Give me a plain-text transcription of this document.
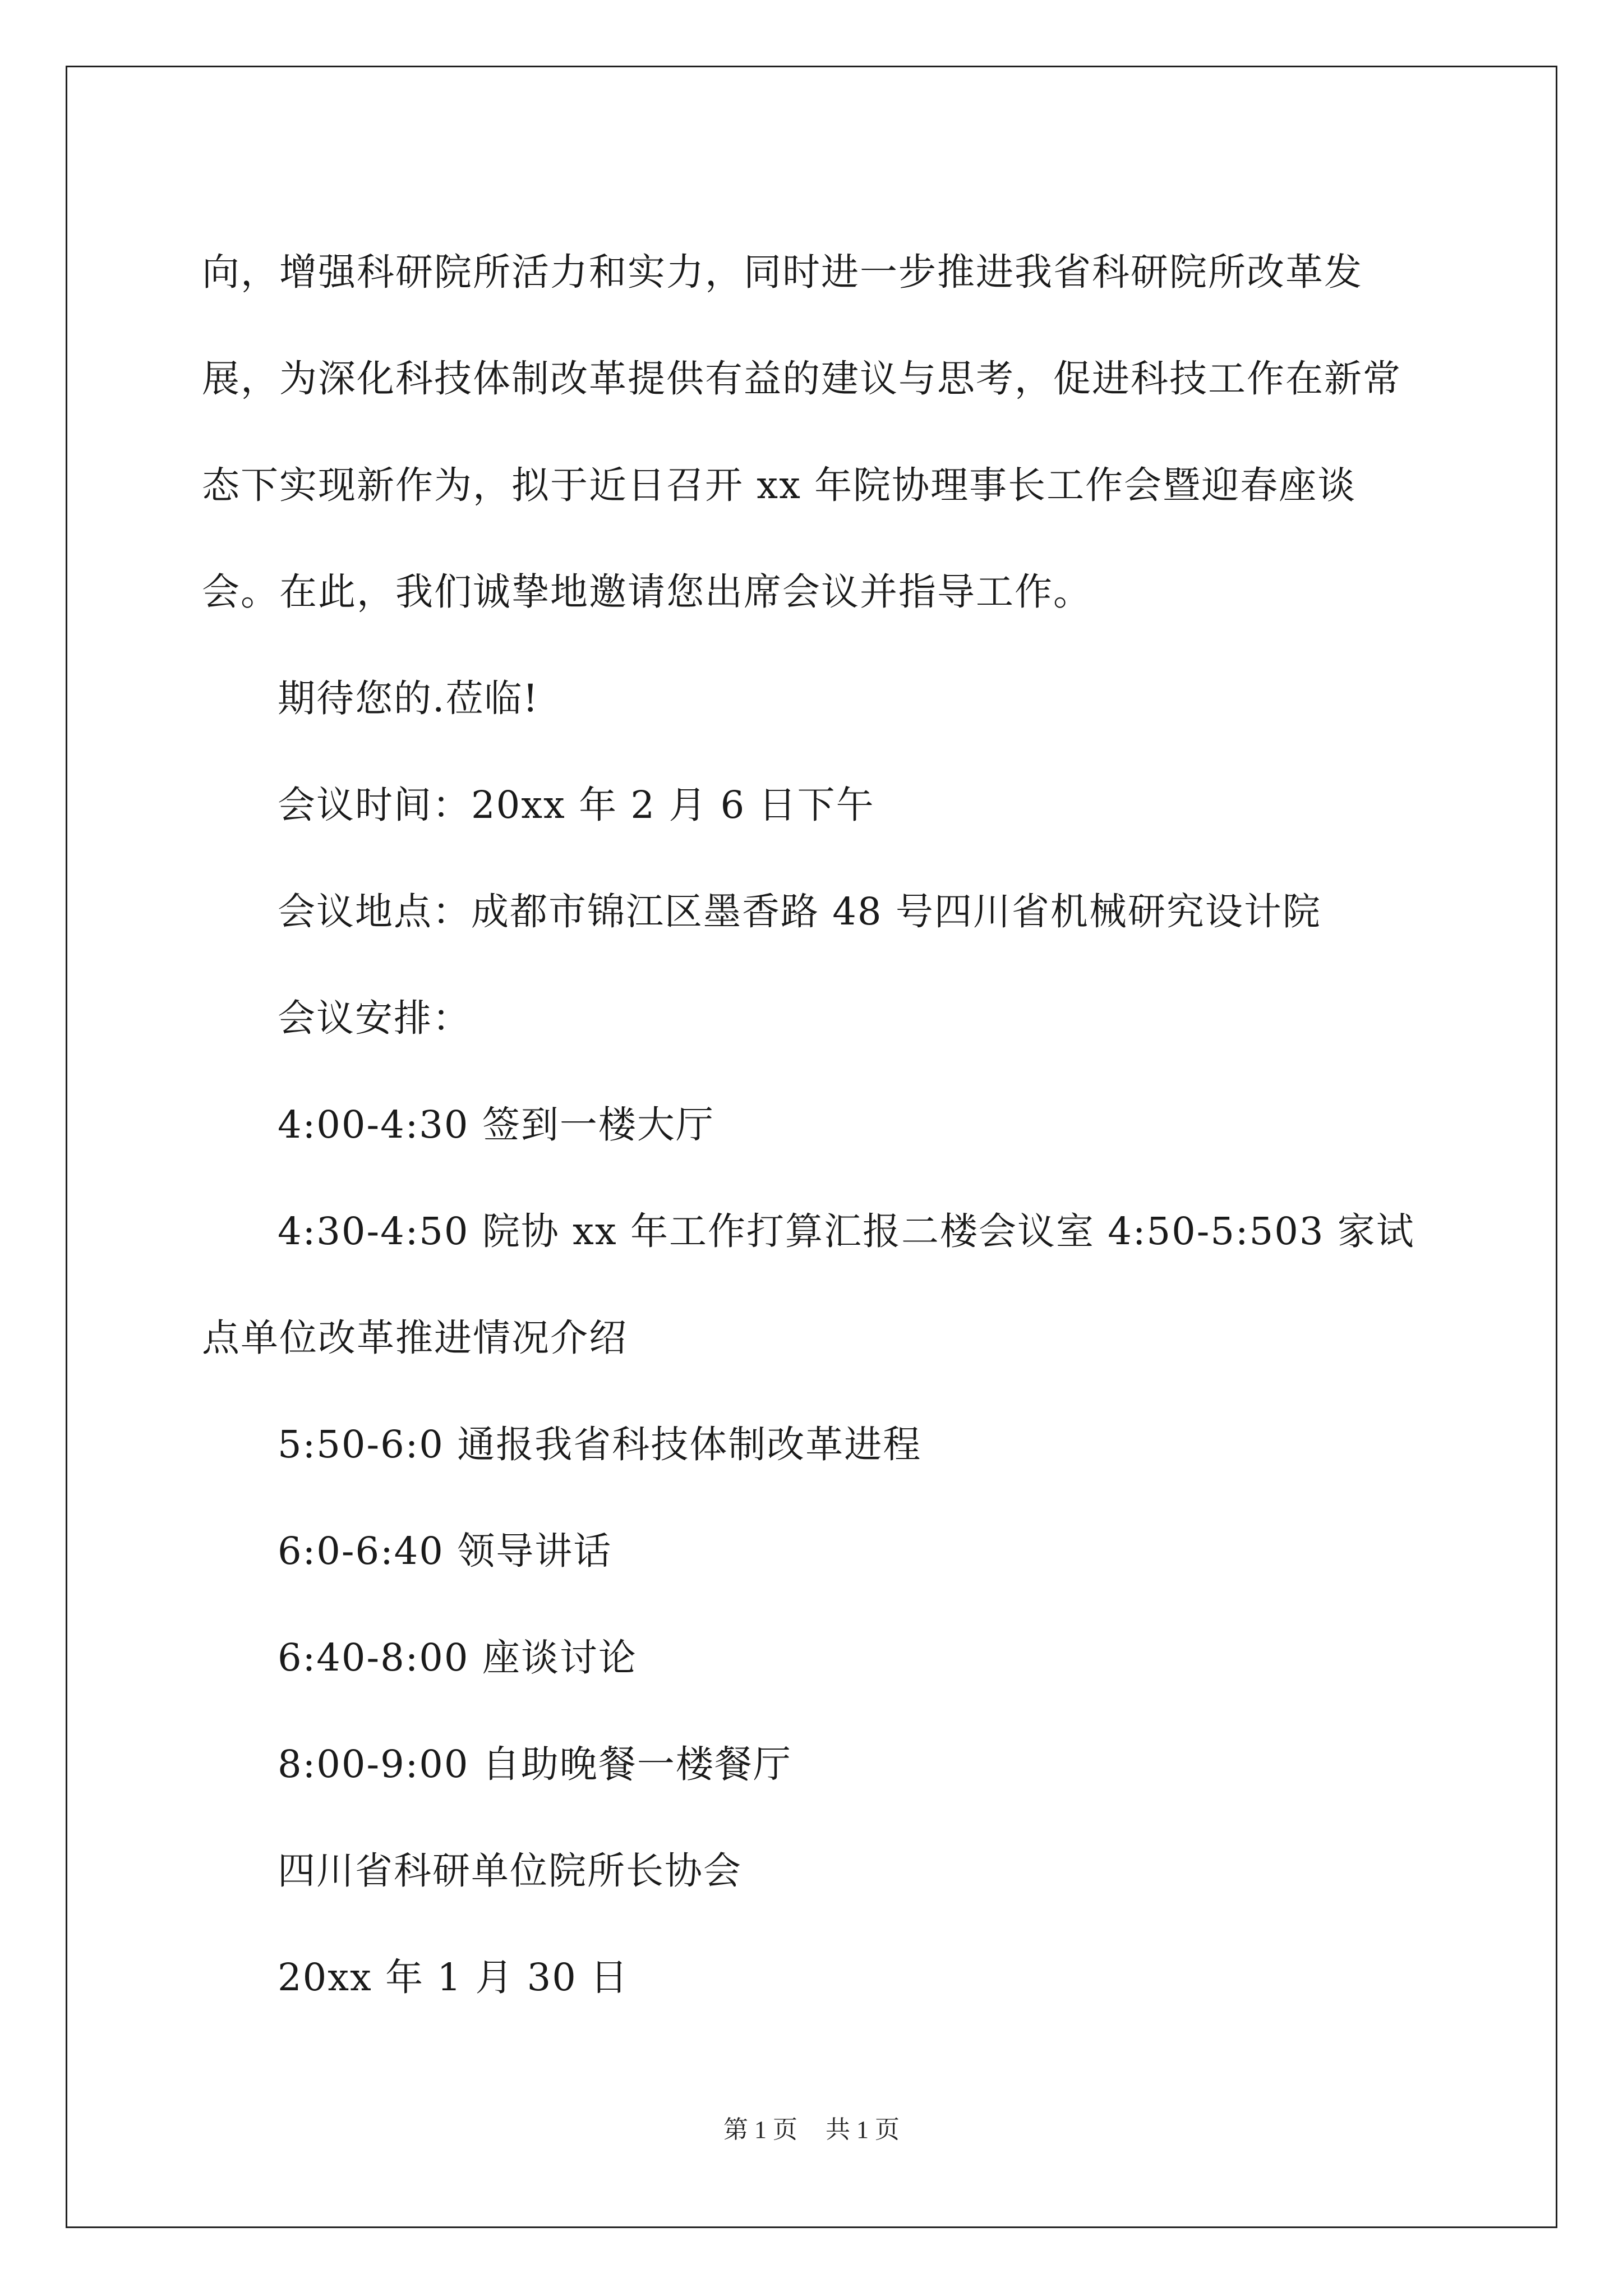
向，增强科研院所活力和实力，同时进一步推进我省科研院所改革发展，为深化科技体制改革提供有益的建议与思考，促进科技工作在新常态下实现新作为，拟于近日召开 xx 年院协理事长工作会暨迎春座谈会。在此，我们诚挚地邀请您出席会议并指导工作。

期待您的.莅临!

会议时间：20xx 年 2 月 6 日下午

会议地点：成都市锦江区墨香路 48 号四川省机械研究设计院

会议安排：

4:00-4:30 签到一楼大厅

4:30-4:50 院协 xx 年工作打算汇报二楼会议室 4:50-5:503 家试点单位改革推进情况介绍

5:50-6:0 通报我省科技体制改革进程

6:0-6:40 领导讲话

6:40-8:00 座谈讨论

8:00-9:00 自助晚餐一楼餐厅

四川省科研单位院所长协会

20xx 年 1 月 30 日

第 1 页 共 1 页
